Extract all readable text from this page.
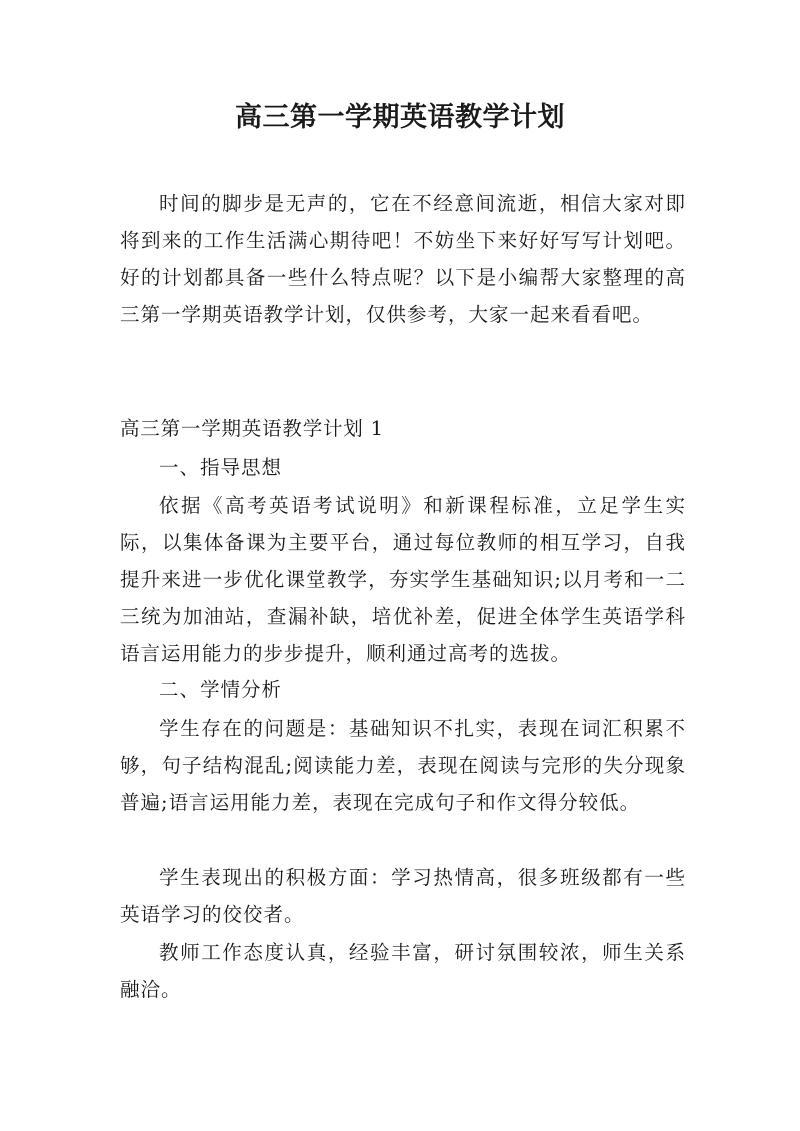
高三第一学期英语教学计划

时间的脚步是无声的，它在不经意间流逝，相信大家对即将到来的工作生活满心期待吧！不妨坐下来好好写写计划吧。好的计划都具备一些什么特点呢？以下是小编帮大家整理的高三第一学期英语教学计划，仅供参考，大家一起来看看吧。

高三第一学期英语教学计划 1

一、指导思想

依据《高考英语考试说明》和新课程标准，立足学生实际，以集体备课为主要平台，通过每位教师的相互学习，自我提升来进一步优化课堂教学，夯实学生基础知识;以月考和一二三统为加油站，查漏补缺，培优补差，促进全体学生英语学科语言运用能力的步步提升，顺利通过高考的选拔。

二、学情分析

学生存在的问题是：基础知识不扎实，表现在词汇积累不够，句子结构混乱;阅读能力差，表现在阅读与完形的失分现象普遍;语言运用能力差，表现在完成句子和作文得分较低。

学生表现出的积极方面：学习热情高，很多班级都有一些英语学习的佼佼者。

教师工作态度认真，经验丰富，研讨氛围较浓，师生关系融洽。
